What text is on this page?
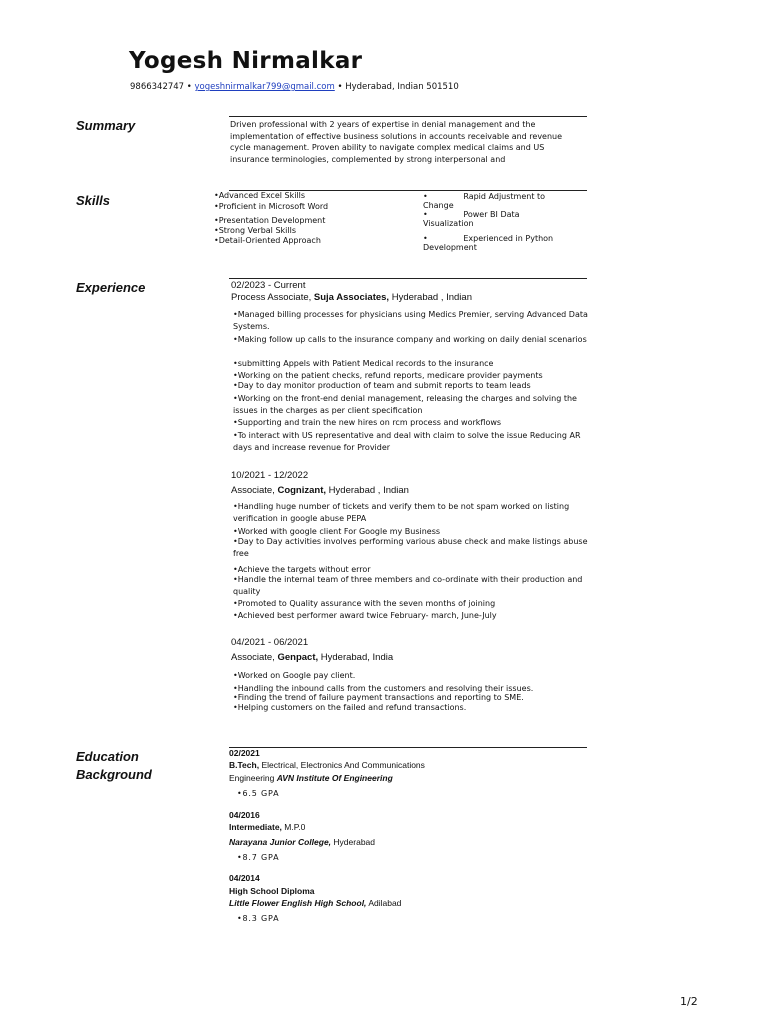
Yogesh Nirmalkar
9866342747 • yogeshnirmalkar799@gmail.com • Hyderabad, Indian 501510
Summary	Driven professional with 2 years of expertise in denial management and the implementation of effective business solutions in accounts receivable and revenue cycle management. Proven ability to navigate complex medical claims and US insurance terminologies, complemented by strong interpersonal and
Skills	•Advanced Excel Skills
•Proficient in Microsoft Word
•Presentation Development
•Strong Verbal Skills
•Detail-Oriented Approach
•              Rapid Adjustment to
Change
•              Power BI Data
Visualization
•              Experienced in Python
Development
Experience	02/2023 - Current
Process Associate, Suja Associates, Hyderabad , Indian
•Managed billing processes for physicians using Medics Premier, serving Advanced Data Systems.
•Making follow up calls to the insurance company and working on daily denial scenarios
•submitting Appels with Patient Medical records to the insurance
•Working on the patient checks, refund reports, medicare provider payments
•Day to day monitor production of team and submit reports to team leads
•Working on the front-end denial management, releasing the charges and solving the issues in the charges as per client specification
•Supporting and train the new hires on rcm process and workflows
•To interact with US representative and deal with claim to solve the issue Reducing AR days and increase revenue for Provider
10/2021 - 12/2022
Associate, Cognizant, Hyderabad , Indian
•Handling huge number of tickets and verify them to be not spam worked on listing verification in google abuse PEPA
•Worked with google client For Google my Business
•Day to Day activities involves performing various abuse check and make listings abuse free
•Achieve the targets without error
•Handle the internal team of three members and co-ordinate with their production and quality
•Promoted to Quality assurance with the seven months of joining
•Achieved best performer award twice February- march, June-July
04/2021 - 06/2021
Associate, Genpact, Hyderabad, India
•Worked on Google pay client.
•Handling the inbound calls from the customers and resolving their issues.
•Finding the trend of failure payment transactions and reporting to SME.
•Helping customers on the failed and refund transactions.
Education
Background
02/2021
B.Tech, Electrical, Electronics And Communications
Engineering AVN Institute Of Engineering
•6.5 GPA
04/2016
Intermediate, M.P.0
Narayana Junior College, Hyderabad
•8.7 GPA
04/2014
High School Diploma
Little Flower English High School, Adilabad
•8.3 GPA
1/2
